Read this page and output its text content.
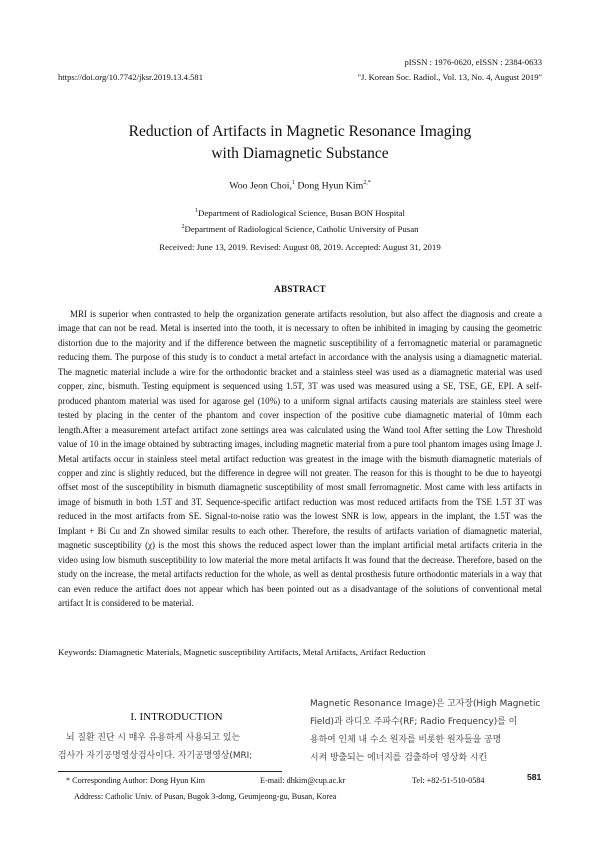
pISSN : 1976-0620, eISSN : 2384-0633
https://doi.org/10.7742/jksr.2019.13.4.581	"J. Korean Soc. Radiol., Vol. 13, No. 4, August 2019"
Reduction of Artifacts in Magnetic Resonance Imaging
with Diamagnetic Substance
Woo Jeon Choi,$^1$ Dong Hyun Kim$^{2,*}$
$^1$Department of Radiological Science, Busan BON Hospital
$^2$Department of Radiological Science, Catholic University of Pusan
Received: June 13, 2019. Revised: August 08, 2019. Accepted: August 31, 2019
ABSTRACT

MRI is superior when contrasted to help the organization generate artifacts resolution, but also affect the diagnosis and create a image that can not be read. Metal is inserted into the tooth, it is necessary to often be inhibited in imaging by causing the geometric distortion due to the majority and if the difference between the magnetic susceptibility of a ferromagnetic material or paramagnetic reducing them. The purpose of this study is to conduct a metal artefact in accordance with the analysis using a diamagnetic material. The magnetic material include a wire for the orthodontic bracket and a stainless steel was used as a diamagnetic material was used copper, zinc, bismuth. Testing equipment is sequenced using 1.5T, 3T was used was measured using a SE, TSE, GE, EPI. A self-produced phantom material was used for agarose gel (10%) to a uniform signal artifacts causing materials are stainless steel were tested by placing in the center of the phantom and cover inspection of the positive cube diamagnetic material of 10mm each length.After a measurement artefact artifact zone settings area was calculated using the Wand tool After setting the Low Threshold value of 10 in the image obtained by subtracting images, including magnetic material from a pure tool phantom images using Image J. Metal artifacts occur in stainless steel metal artifact reduction was greatest in the image with the bismuth diamagnetic materials of copper and zinc is slightly reduced, but the difference in degree will not greater. The reason for this is thought to be due to hayeotgi offset most of the susceptibility in bismuth diamagnetic susceptibility of most small ferromagnetic. Most came with less artifacts in image of bismuth in both 1.5T and 3T. Sequence-specific artifact reduction was most reduced artifacts from the TSE 1.5T 3T was reduced in the most artifacts from SE. Signal-to-noise ratio was the lowest SNR is low, appears in the implant, the 1.5T was the Implant + Bi Cu and Zn showed similar results to each other. Therefore, the results of artifacts variation of diamagnetic material, magnetic susceptibility (χ) is the most this shows the reduced aspect lower than the implant artificial metal artifacts criteria in the video using low bismuth susceptibility to low material the more metal artifacts It was found that the decrease. Therefore, based on the study on the increase, the metal artifacts reduction for the whole, as well as dental prosthesis future orthodontic materials in a way that can even reduce the artifact does not appear which has been pointed out as a disadvantage of the solutions of conventional metal artifact It is considered to be material.

Keywords: Diamagnetic Materials, Magnetic susceptibility Artifacts, Metal Artifacts, Artifact Reduction
I. INTRODUCTION

뇌 질환 진단 시 매우 유용하게 사용되고 있는

검사가 자기공명영상검사이다. 자기공명영상(MRI;

Magnetic Resonance Image)은 고자장(High Magnetic

Field)과 라디오 주파수(RF; Radio Frequency)를 이

용하여 인체 내 수소 원자를 비롯한 원자들을 공명

시켜 방출되는 에너지를 검출하여 영상화 시킨

* Corresponding Author: Dong Hyun Kim	E-mail: dhkim@cup.ac.kr	Tel: +82-51-510-0584	581
Address: Catholic Univ. of Pusan, Bugok 3-dong, Geumjeong-gu, Busan, Korea
